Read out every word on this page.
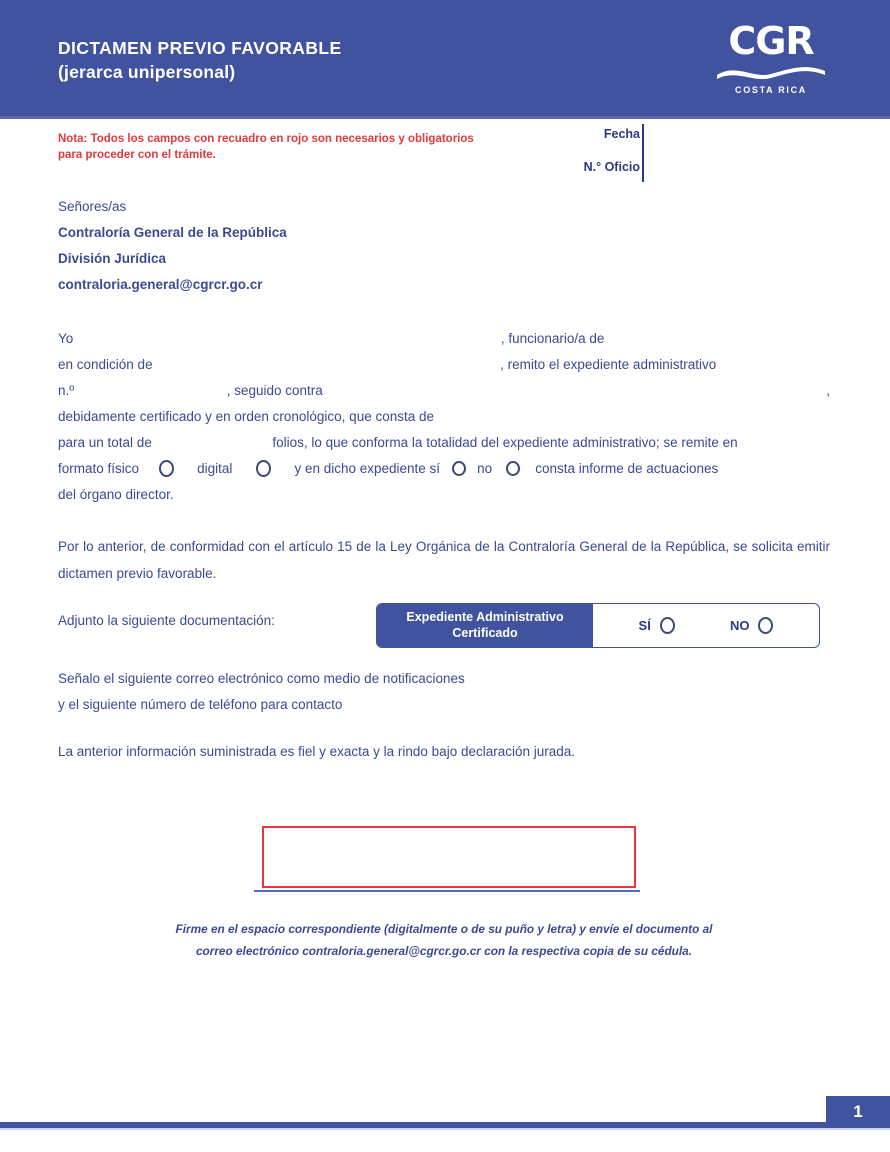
DICTAMEN PREVIO FAVORABLE
(jerarca unipersonal)
CGR
COSTA RICA
Nota: Todos los campos con recuadro en rojo son necesarios y obligatorios para proceder con el trámite.
Fecha
N.° Oficio
Señores/as
Contraloría General de la República
División Jurídica
contraloria.general@cgrcr.go.cr
Yo	, funcionario/a de
en condición de	, remito el expediente administrativo
n.º	, seguido contra	,
debidamente certificado y en orden cronológico, que consta de
para un total de	folios, lo que conforma la totalidad del expediente administrativo; se remite en
formato físico	digital	y en dicho expediente sí	no	consta informe de actuaciones
del órgano director.
Por lo anterior, de conformidad con el artículo 15 de la Ley Orgánica de la Contraloría General de la República, se solicita emitir dictamen previo favorable.
Adjunto la siguiente documentación:	Expediente Administrativo
Certificado	SÍ	NO
Señalo el siguiente correo electrónico como medio de notificaciones
y el siguiente número de teléfono para contacto
La anterior información suministrada es fiel y exacta y la rindo bajo declaración jurada.
Firme en el espacio correspondiente (digitalmente o de su puño y letra) y envíe el documento al
correo electrónico contraloria.general@cgrcr.go.cr con la respectiva copia de su cédula.
1
